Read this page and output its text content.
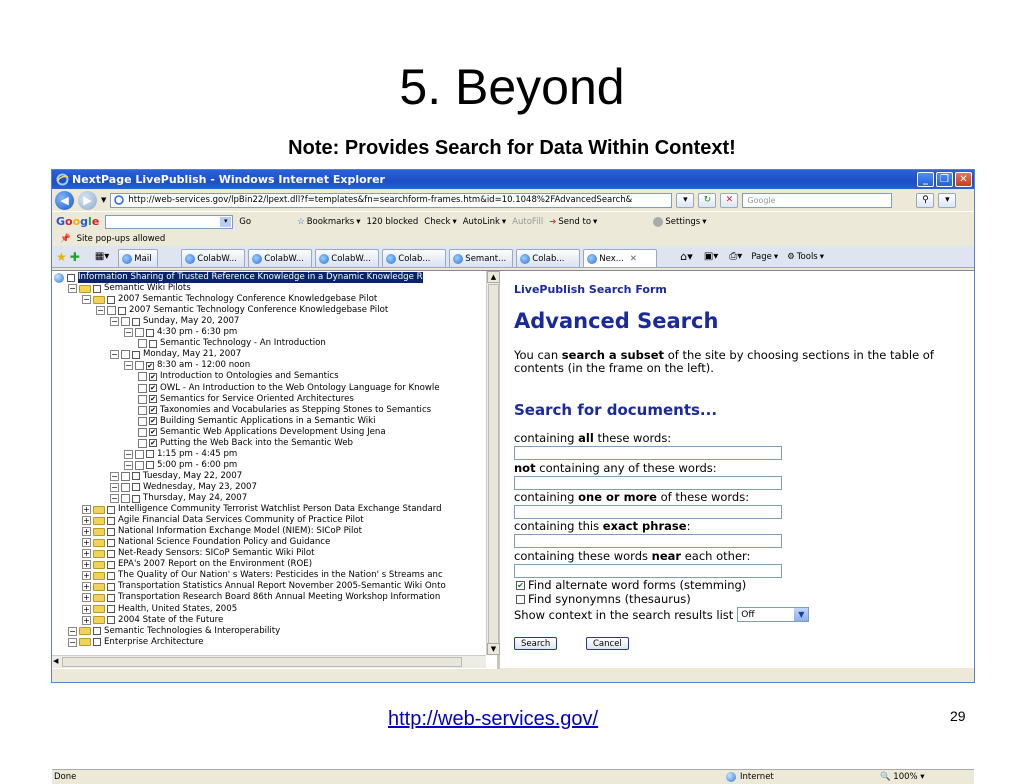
5. Beyond
Note: Provides Search for Data Within Context!
NextPage LivePublish - Windows Internet Explorer	_	❐	✕
◀	▶	▼	http://web-services.gov/lpBin22/lpext.dll?f=templates&fn=searchform-frames.htm&id=10.1048%2FAdvancedSearch&	▾	↻	✕	Google	⚲	▾
Google	▾	Go	☆ Bookmarks ▾ 120 blocked Check ▾ AutoLink ▾ AutoFill ➔ Send to ▾	Settings ▾
📌 Site pop-ups allowed
★ ✚ ▦▾	Mail	ColabW...	ColabW...	ColabW...	Colab...	Semant...	Colab...	Nex... ✕	⌂▾ ▣▾ ⎙▾ Page ▾ ⚙ Tools ▾
Information Sharing of Trusted Reference Knowledge in a Dynamic Knowledge R
−	Semantic Wiki Pilots
−	2007 Semantic Technology Conference Knowledgebase Pilot
−	2007 Semantic Technology Conference Knowledgebase Pilot
−	Sunday, May 20, 2007
−	4:30 pm - 6:30 pm
Semantic Technology - An Introduction
−	Monday, May 21, 2007
− ✔ 8:30 am - 12:00 noon
✔ Introduction to Ontologies and Semantics
✔ OWL - An Introduction to the Web Ontology Language for Knowle
✔ Semantics for Service Oriented Architectures
✔ Taxonomies and Vocabularies as Stepping Stones to Semantics
✔ Building Semantic Applications in a Semantic Wiki
✔ Semantic Web Applications Development Using Jena
✔ Putting the Web Back into the Semantic Web
−	1:15 pm - 4:45 pm
−	5:00 pm - 6:00 pm
−	Tuesday, May 22, 2007
−	Wednesday, May 23, 2007
−	Thursday, May 24, 2007
+	Intelligence Community Terrorist Watchlist Person Data Exchange Standard
+	Agile Financial Data Services Community of Practice Pilot
+	National Information Exchange Model (NIEM): SICoP Pilot
+	National Science Foundation Policy and Guidance
+	Net-Ready Sensors: SICoP Semantic Wiki Pilot
+	EPA's 2007 Report on the Environment (ROE)
+	The Quality of Our Nation' s Waters: Pesticides in the Nation' s Streams anc
+	Transportation Statistics Annual Report November 2005-Semantic Wiki Onto
+	Transportation Research Board 86th Annual Meeting Workshop Information
+	Health, United States, 2005
+	2004 State of the Future
−	Semantic Technologies & Interoperability
−	Enterprise Architecture
▲
▼
◀
LivePublish Search Form
Advanced Search
You can search a subset of the site by choosing sections in the table of contents (in the frame on the left).
Search for documents...
containing all these words:
not containing any of these words:
containing one or more of these words:
containing this exact phrase:
containing these words near each other:
✔ Find alternate word forms (stemming)
Find synonymns (thesaurus)
Show context in the search results list Off	▼
Search	Cancel
Done	Internet	🔍 100% ▾
http://web-services.gov/	29
